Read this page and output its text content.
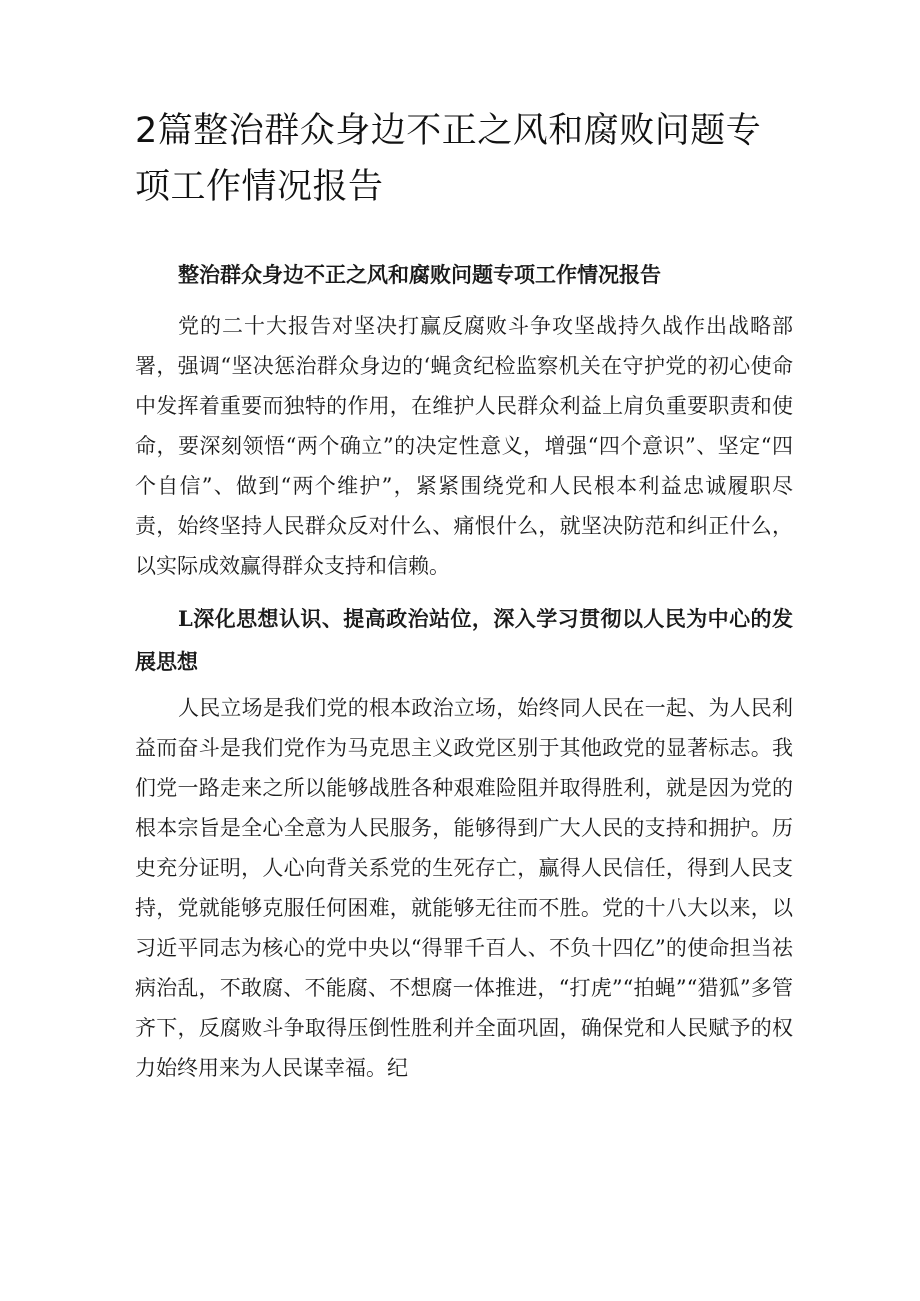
2篇整治群众身边不正之风和腐败问题专项工作情况报告

整治群众身边不正之风和腐败问题专项工作情况报告

党的二十大报告对坚决打赢反腐败斗争攻坚战持久战作出战略部署，强调“坚决惩治群众身边的‘蝇贪纪检监察机关在守护党的初心使命中发挥着重要而独特的作用，在维护人民群众利益上肩负重要职责和使命，要深刻领悟“两个确立”的决定性意义，增强“四个意识”、坚定“四个自信”、做到“两个维护”，紧紧围绕党和人民根本利益忠诚履职尽责，始终坚持人民群众反对什么、痛恨什么，就坚决防范和纠正什么，以实际成效赢得群众支持和信赖。

L深化思想认识、提高政治站位，深入学习贯彻以人民为中心的发展思想

人民立场是我们党的根本政治立场，始终同人民在一起、为人民利益而奋斗是我们党作为马克思主义政党区别于其他政党的显著标志。我们党一路走来之所以能够战胜各种艰难险阻并取得胜利，就是因为党的根本宗旨是全心全意为人民服务，能够得到广大人民的支持和拥护。历史充分证明，人心向背关系党的生死存亡，赢得人民信任，得到人民支持，党就能够克服任何困难，就能够无往而不胜。党的十八大以来，以习近平同志为核心的党中央以“得罪千百人、不负十四亿”的使命担当祛病治乱，不敢腐、不能腐、不想腐一体推进，“打虎”“拍蝇”“猎狐”多管齐下，反腐败斗争取得压倒性胜利并全面巩固，确保党和人民赋予的权力始终用来为人民谋幸福。纪
